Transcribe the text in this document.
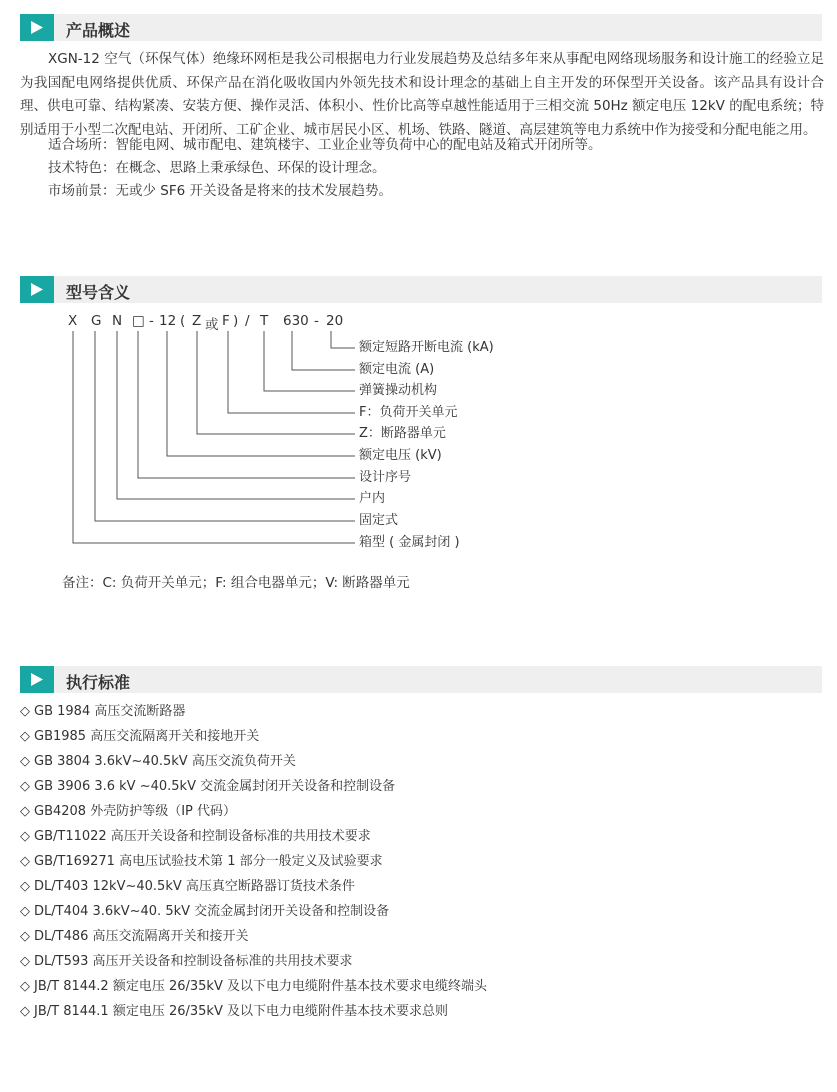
产品概述

XGN-12 空气（环保气体）绝缘环网柜是我公司根据电力行业发展趋势及总结多年来从事配电网络现场服务和设计施工的经验立足为我国配电网络提供优质、环保产品在消化吸收国内外领先技术和设计理念的基础上自主开发的环保型开关设备。该产品具有设计合理、供电可靠、结构紧凑、安装方便、操作灵活、体积小、性价比高等卓越性能适用于三相交流 50Hz 额定电压 12kV 的配电系统；特别适用于小型二次配电站、开闭所、工矿企业、城市居民小区、机场、铁路、隧道、高层建筑等电力系统中作为接受和分配电能之用。

适合场所：智能电网、城市配电、建筑楼宇、工业企业等负荷中心的配电站及箱式开闭所等。
技术特色：在概念、思路上秉承绿色、环保的设计理念。
市场前景：无或少 SF6 开关设备是将来的技术发展趋势。
型号含义
X G N □ - 12 ( Z 或 F ) / T 630 - 20
额定短路开断电流 (kA)
额定电流 (A)
弹簧操动机构
F：负荷开关单元
Z：断路器单元
额定电压 (kV)
设计序号
户内
固定式
箱型 ( 金属封闭 )
备注：C: 负荷开关单元；F: 组合电器单元；V: 断路器单元
执行标准
◇ GB 1984 高压交流断路器
◇ GB1985 高压交流隔离开关和接地开关
◇ GB 3804 3.6kV~40.5kV 高压交流负荷开关
◇ GB 3906 3.6 kV ~40.5kV 交流金属封闭开关设备和控制设备
◇ GB4208 外壳防护等级（IP 代码）
◇ GB/T11022 高压开关设备和控制设备标准的共用技术要求
◇ GB/T169271 高电压试验技术第 1 部分一般定义及试验要求
◇ DL/T403 12kV~40.5kV 高压真空断路器订货技术条件
◇ DL/T404 3.6kV~40. 5kV 交流金属封闭开关设备和控制设备
◇ DL/T486 高压交流隔离开关和接开关
◇ DL/T593 高压开关设备和控制设备标准的共用技术要求
◇ JB/T 8144.2 额定电压 26/35kV 及以下电力电缆附件基本技术要求电缆终端头
◇ JB/T 8144.1 额定电压 26/35kV 及以下电力电缆附件基本技术要求总则
